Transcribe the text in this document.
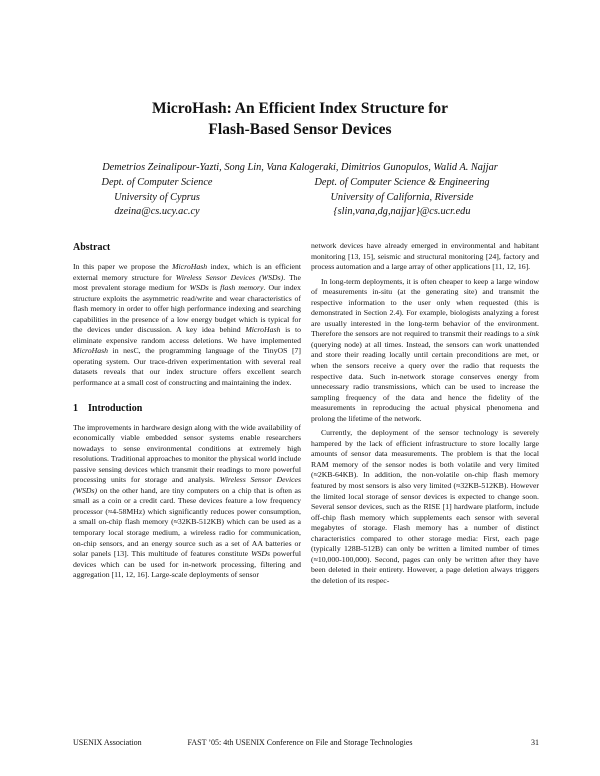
MicroHash: An Efficient Index Structure for
Flash-Based Sensor Devices
Demetrios Zeinalipour-Yazti, Song Lin, Vana Kalogeraki, Dimitrios Gunopulos, Walid A. Najjar
Dept. of Computer Science
University of Cyprus
dzeina@cs.ucy.ac.cy
Dept. of Computer Science & Engineering
University of California, Riverside
{slin,vana,dg,najjar}@cs.ucr.edu
Abstract

In this paper we propose the MicroHash index, which is an efficient external memory structure for Wireless Sensor Devices (WSDs). The most prevalent storage medium for WSDs is flash memory. Our index structure exploits the asymmetric read/write and wear characteristics of flash memory in order to offer high performance indexing and searching capabilities in the presence of a low energy budget which is typical for the devices under discussion. A key idea behind MicroHash is to eliminate expensive random access deletions. We have implemented MicroHash in nesC, the programming language of the TinyOS [7] operating system. Our trace-driven experimentation with several real datasets reveals that our index structure offers excellent search performance at a small cost of constructing and maintaining the index.

1 Introduction

The improvements in hardware design along with the wide availability of economically viable embedded sensor systems enable researchers nowadays to sense environmental conditions at extremely high resolutions. Traditional approaches to monitor the physical world include passive sensing devices which transmit their readings to more powerful processing units for storage and analysis. Wireless Sensor Devices (WSDs) on the other hand, are tiny computers on a chip that is often as small as a coin or a credit card. These devices feature a low frequency processor (≈4-58MHz) which significantly reduces power consumption, a small on-chip flash memory (≈32KB-512KB) which can be used as a temporary local storage medium, a wireless radio for communication, on-chip sensors, and an energy source such as a set of AA batteries or solar panels [13]. This multitude of features constitute WSDs powerful devices which can be used for in-network processing, filtering and aggregation [11, 12, 16]. Large-scale deployments of sensor

network devices have already emerged in environmental and habitant monitoring [13, 15], seismic and structural monitoring [24], factory and process automation and a large array of other applications [11, 12, 16].

In long-term deployments, it is often cheaper to keep a large window of measurements in-situ (at the generating site) and transmit the respective information to the user only when requested (this is demonstrated in Section 2.4). For example, biologists analyzing a forest are usually interested in the long-term behavior of the environment. Therefore the sensors are not required to transmit their readings to a sink (querying node) at all times. Instead, the sensors can work unattended and store their reading locally until certain preconditions are met, or when the sensors receive a query over the radio that requests the respective data. Such in-network storage conserves energy from unnecessary radio transmissions, which can be used to increase the sampling frequency of the data and hence the fidelity of the measurements in reproducing the actual physical phenomena and prolong the lifetime of the network.

Currently, the deployment of the sensor technology is severely hampered by the lack of efficient infrastructure to store locally large amounts of sensor data measurements. The problem is that the local RAM memory of the sensor nodes is both volatile and very limited (≈2KB-64KB). In addition, the non-volatile on-chip flash memory featured by most sensors is also very limited (≈32KB-512KB). However the limited local storage of sensor devices is expected to change soon. Several sensor devices, such as the RISE [1] hardware platform, include off-chip flash memory which supplements each sensor with several megabytes of storage. Flash memory has a number of distinct characteristics compared to other storage media: First, each page (typically 128B-512B) can only be written a limited number of times (≈10,000-100,000). Second, pages can only be written after they have been deleted in their entirety. However, a page deletion always triggers the deletion of its respec-

USENIX Association	FAST ’05: 4th USENIX Conference on File and Storage Technologies	31
